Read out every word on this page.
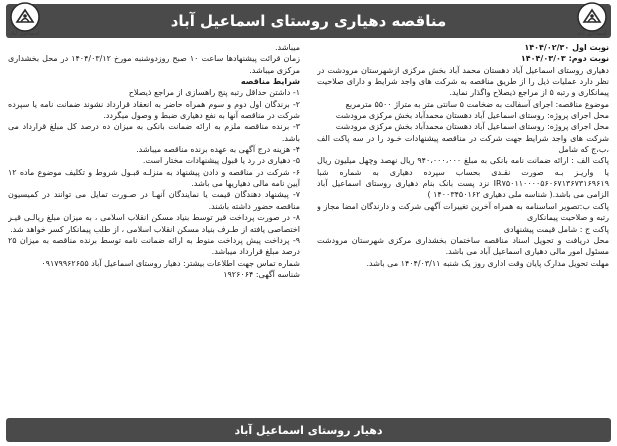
مناقصه دهیاری روستای اسماعیل آباد
اسماعیل آباد
اسماعیل آباد

نوبت اول ۱۴۰۴/۰۲/۳۰

نوبت دوم: ۱۴۰۴/۰۳/۰۳

دهیاری روستای اسماعیل آباد دهستان محمد آباد بخش مرکزی ازشهرستان مرودشت در نظر دارد عملیات ذیل را از طریق مناقصه به شرکت های واجد شرایط و دارای صلاحیت پیمانکاری و رتبه ۵ از مراجع ذیصلاح واگذار نماید.

موضوع مناقصه: اجرای آسفالت به ضخامت ۵ سانتی متر به متراژ ۵۵۰۰ مترمربع

محل اجرای پروژه: روستای اسماعیل آباد دهستان محمدآباد بخش مرکزی مرودشت

محل اجرای پروژه: روستای اسماعیل آباد دهستان محمدآباد بخش مرکزی مرودشت

شرکت های واجد شرایط جهت شرکت در مناقصه پیشنهادات خـود را در سه پاکت الف ،ب،ج که شامل

پاکت الف : ارائه ضمانت نامه بانکی به مبلغ ۹۴۰،۰۰۰،۰۰۰ ریال نهصد وچهل میلیون ریال یا واریـز بـه صورت نقـدی بحساب سپرده دهیاری به شماره شبا IR۷۵۰۱۱۰۰۰۰۵۶۰۶۷۱۳۶۷۳۱۶۹۶۱۹ نزد پست بانک بنام دهیاری روستای اسماعیل آباد الزامی می باشد.( شناسه ملی دهیاری ۱۴۰۰۳۴۵۰۱۶۲ )

پاکت ب:تصویر اساسنامه به همراه آخرین تغییرات آگهی شرکت و دارندگان امضا مجاز و رتبه و صلاحیت پیمانکاری

پاکت ج : شامل قیمت پیشنهادی

محل دریافت و تحویل اسناد مناقصه ساختمان بخشداری مرکزی شهرستان مرودشت مسئول امور مالی دهیاری اسماعیل آباد می باشد.

مهلت تحویل مدارک پایان وقت اداری روز یک شنبه ۱۴۰۴/۰۳/۱۱ می باشد.

میباشد.

زمان قرائت پیشنهادها ساعت ۱۰ صبح روزدوشنبه مورخ ۱۴۰۴/۰۳/۱۲ در محل بخشداری مرکزی میباشد.

شرایط مناقصه

۱- داشتن حداقل رتبه پنج راهسازی از مراجع ذیصلاح

۲- برندگان اول دوم و سوم همراه حاضر به انعقاد قرارداد نشوند ضمانت نامه یا سپرده شرکت در مناقصه آنها به نفع دهیاری ضبط و وصول میگردد.

۳- برنده مناقصه ملزم به ارائه ضمانت بانکی به میزان ده درصد کل مبلغ قرارداد می باشد.

۴- هزینه درج آگهی به عهده برنده مناقصه میباشد.

۵- دهیاری در رد یا قبول پیشنهادات مختار است.

۶- شرکت در مناقصه و دادن پیشنهاد به منزلـه قبـول شروط و تکلیف موضوع ماده ۱۲ آیین نامه مالی دهیاریها می باشد.

۷- پیشنهاد دهندگان قیمت یا نمایندگان آنهـا در صـورت تمایل می توانند در کمیسیون مناقصه حضور داشته باشند.

۸- در صورت پرداخت قیر توسط بنیاد مسکن انقلاب اسلامی ، به میزان مبلغ ریالـی قیـر اختصاصی یافته از طـرف بنیاد مسکن انقلاب اسلامی ، از طلب پیمانکار کسر خواهد شد.

۹- پرداخت پیش پرداخت منوط به ارائه ضمانت نامه توسط برنده مناقصه به میزان ۲۵ درصد مبلغ قرارداد میباشد.

شماره تماس جهت اطلاعات بیشتر: دهیار روستای اسماعیل آباد ۰۹۱۷۹۹۶۲۶۵۵

شناسه آگهی: ۱۹۲۶۰۶۴

دهیار روستای اسماعیل آباد
